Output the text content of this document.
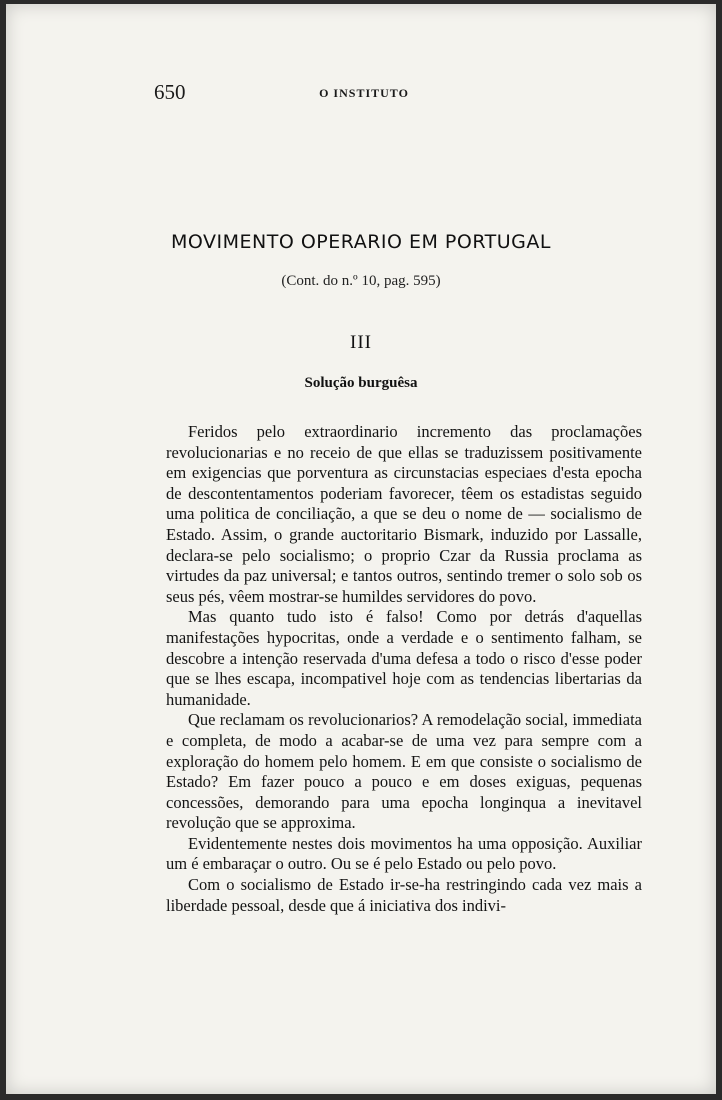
650	O INSTITUTO
MOVIMENTO OPERARIO EM PORTUGAL
(Cont. do n.º 10, pag. 595)
III
Solução burguêsa

Feridos pelo extraordinario incremento das proclamações revolucionarias e no receio de que ellas se traduzissem positivamente em exigencias que porventura as circunstacias especiaes d'esta epocha de descontentamentos poderiam favorecer, têem os estadistas seguido uma politica de conciliação, a que se deu o nome de — socialismo de Estado. Assim, o grande auctoritario Bismark, induzido por Lassalle, declara-se pelo socialismo; o proprio Czar da Russia proclama as virtudes da paz universal; e tantos outros, sentindo tremer o solo sob os seus pés, vêem mostrar-se humildes servidores do povo.

Mas quanto tudo isto é falso! Como por detrás d'aquellas manifestações hypocritas, onde a verdade e o sentimento falham, se descobre a intenção reservada d'uma defesa a todo o risco d'esse poder que se lhes escapa, incompativel hoje com as tendencias libertarias da humanidade.

Que reclamam os revolucionarios? A remodelação social, immediata e completa, de modo a acabar-se de uma vez para sempre com a exploração do homem pelo homem. E em que consiste o socialismo de Estado? Em fazer pouco a pouco e em doses exiguas, pequenas concessões, demorando para uma epocha longinqua a inevitavel revolução que se approxima.

Evidentemente nestes dois movimentos ha uma opposição. Auxiliar um é embaraçar o outro. Ou se é pelo Estado ou pelo povo.

Com o socialismo de Estado ir-se-ha restringindo cada vez mais a liberdade pessoal, desde que á iniciativa dos indivi-
